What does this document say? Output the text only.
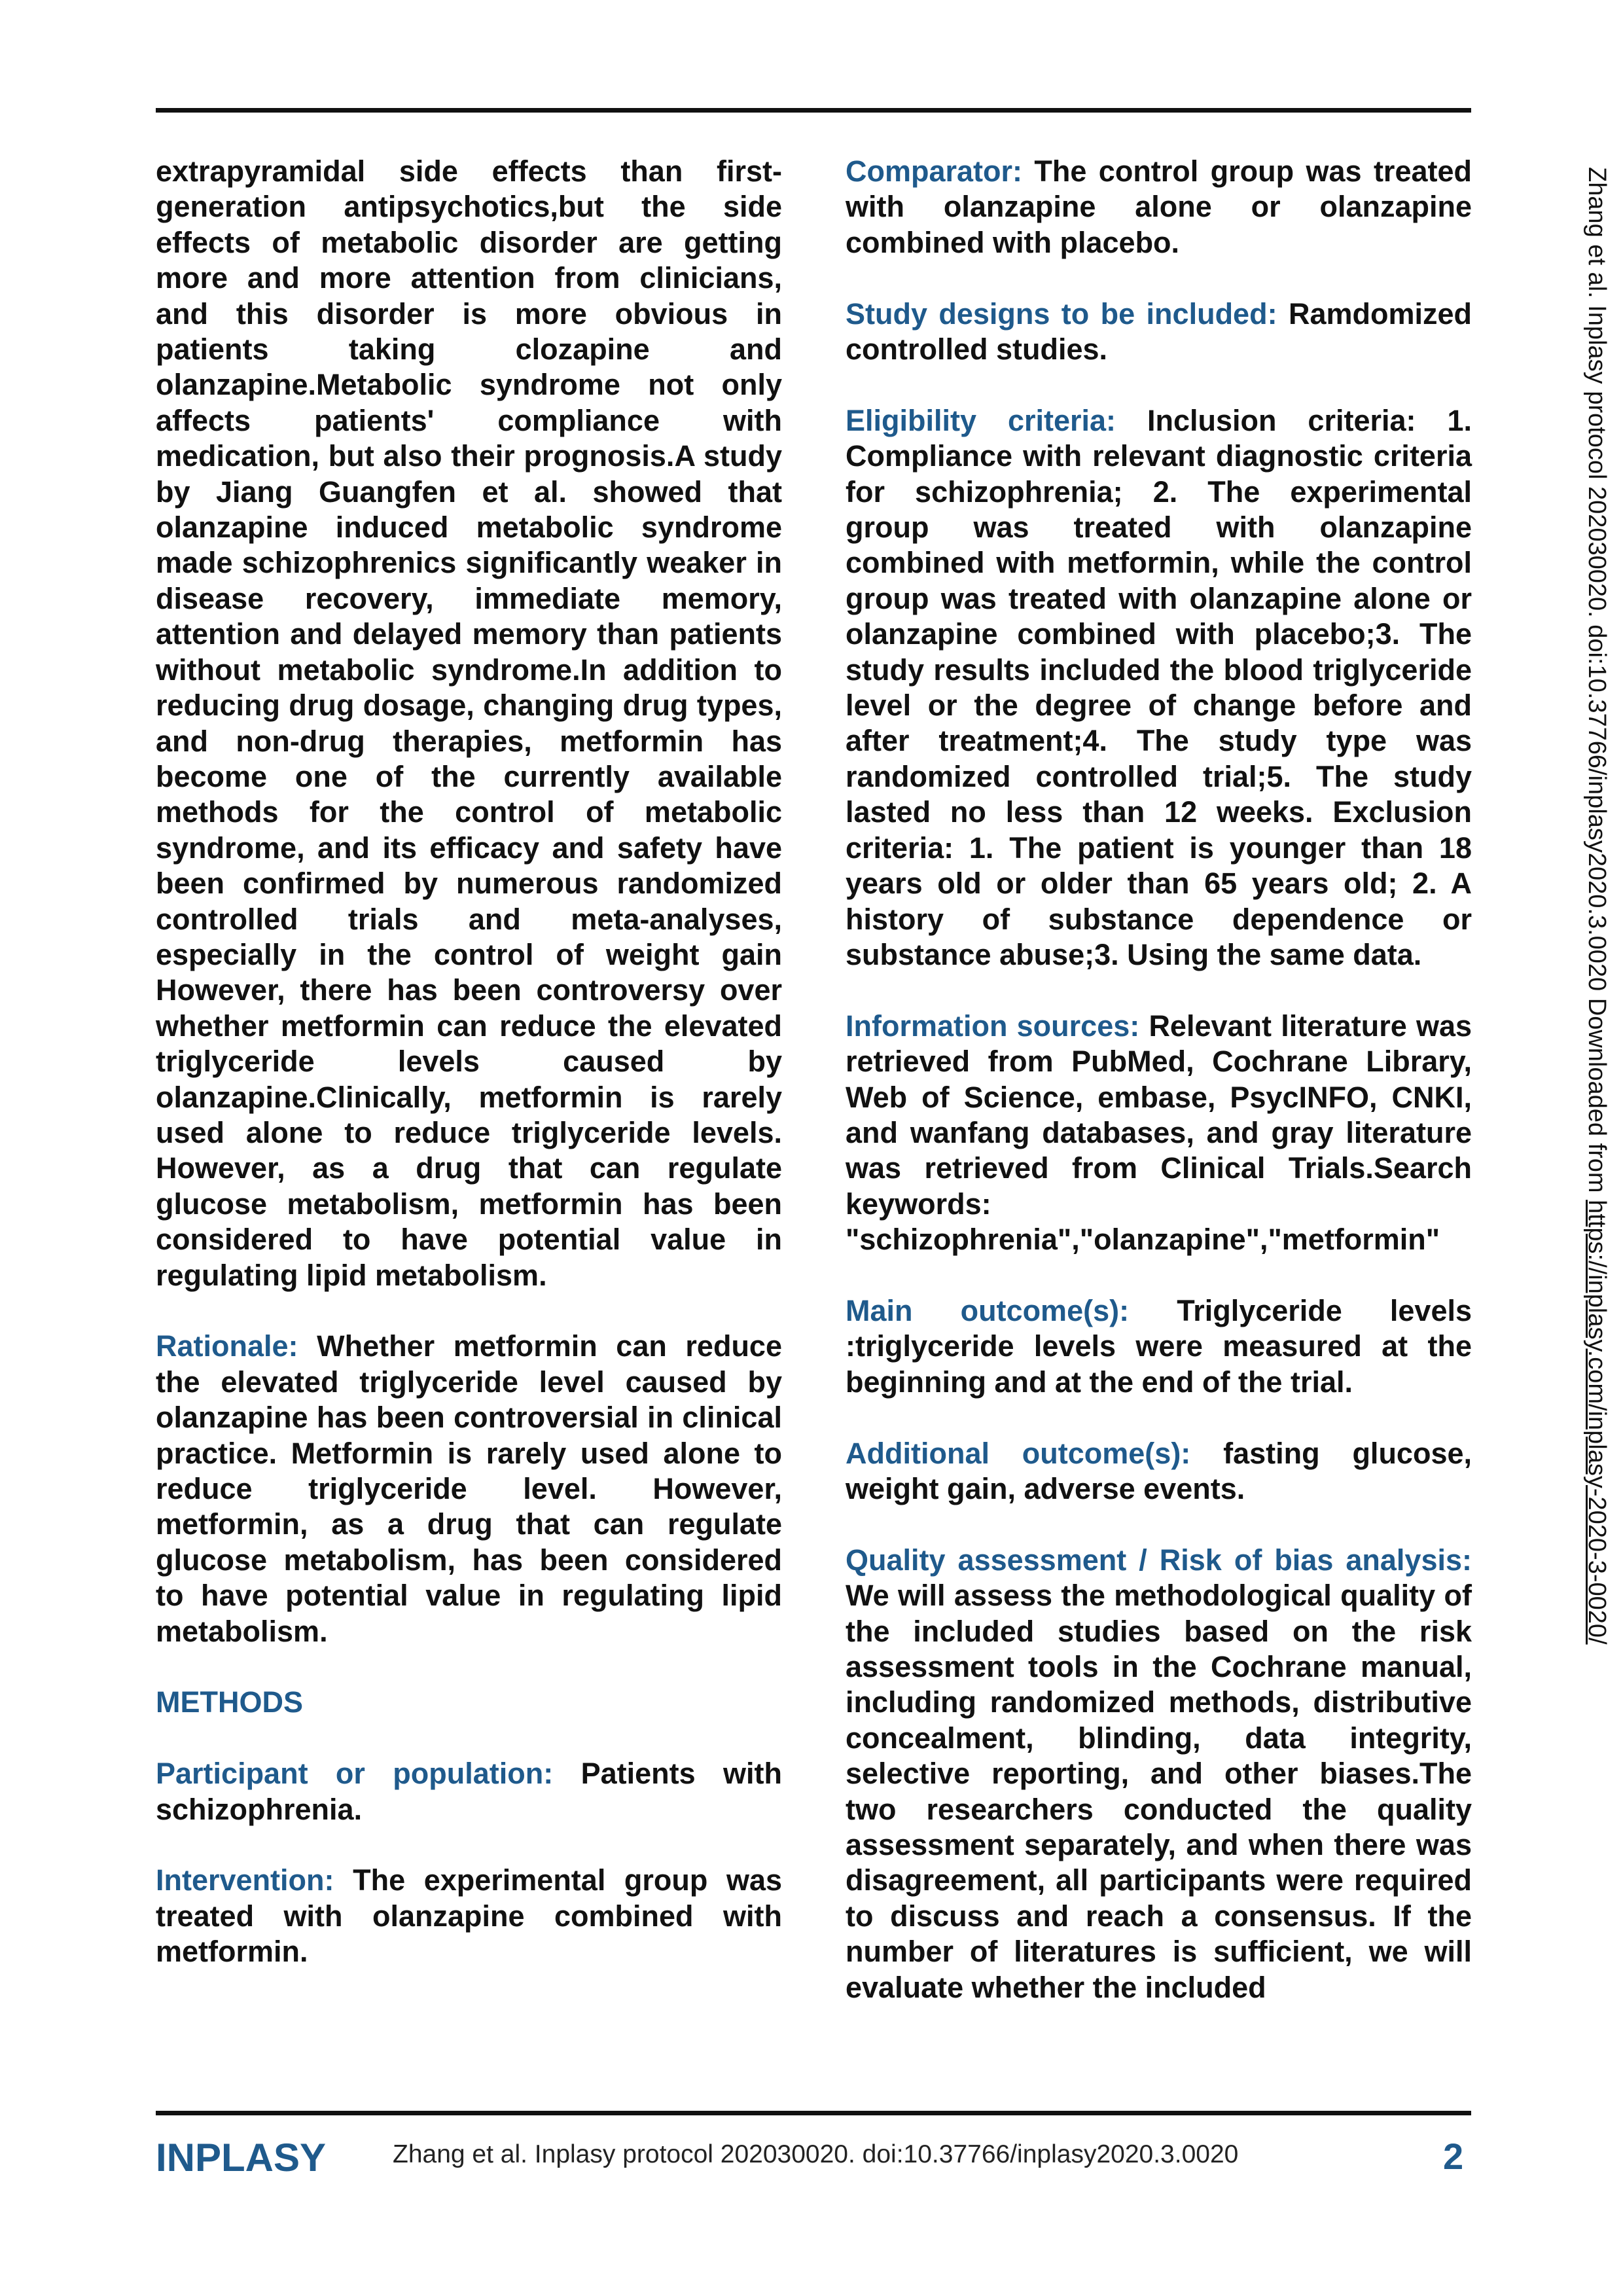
extrapyramidal side effects than first-generation antipsychotics,but the side effects of metabolic disorder are getting more and more attention from clinicians, and this disorder is more obvious in patients taking clozapine and olanzapine.Metabolic syndrome not only affects patients' compliance with medication, but also their prognosis.A study by Jiang Guangfen et al. showed that olanzapine induced metabolic syndrome made schizophrenics significantly weaker in disease recovery, immediate memory, attention and delayed memory than patients without metabolic syndrome.In addition to reducing drug dosage, changing drug types, and non-drug therapies, metformin has become one of the currently available methods for the control of metabolic syndrome, and its efficacy and safety have been confirmed by numerous randomized controlled trials and meta-analyses, especially in the control of weight gain However, there has been controversy over whether metformin can reduce the elevated triglyceride levels caused by olanzapine.Clinically, metformin is rarely used alone to reduce triglyceride levels. However, as a drug that can regulate glucose metabolism, metformin has been considered to have potential value in regulating lipid metabolism.

Rationale: Whether metformin can reduce the elevated triglyceride level caused by olanzapine has been controversial in clinical practice. Metformin is rarely used alone to reduce triglyceride level. However, metformin, as a drug that can regulate glucose metabolism, has been considered to have potential value in regulating lipid metabolism.

METHODS

Participant or population: Patients with schizophrenia.

Intervention: The experimental group was treated with olanzapine combined with metformin.

Comparator: The control group was treated with olanzapine alone or olanzapine combined with placebo.

Study designs to be included: Ramdomized controlled studies.

Eligibility criteria: Inclusion criteria: 1. Compliance with relevant diagnostic criteria for schizophrenia; 2. The experimental group was treated with olanzapine combined with metformin, while the control group was treated with olanzapine alone or olanzapine combined with placebo;3. The study results included the blood triglyceride level or the degree of change before and after treatment;4. The study type was randomized controlled trial;5. The study lasted no less than 12 weeks. Exclusion criteria: 1. The patient is younger than 18 years old or older than 65 years old; 2. A history of substance dependence or substance abuse;3. Using the same data.

Information sources: Relevant literature was retrieved from PubMed, Cochrane Library, Web of Science, embase, PsycINFO, CNKI, and wanfang databases, and gray literature was retrieved from Clinical Trials.Search keywords: "schizophrenia","olanzapine","metformin"

Main outcome(s): Triglyceride levels :triglyceride levels were measured at the beginning and at the end of the trial.

Additional outcome(s): fasting glucose, weight gain, adverse events.

Quality assessment / Risk of bias analysis: We will assess the methodological quality of the included studies based on the risk assessment tools in the Cochrane manual, including randomized methods, distributive concealment, blinding, data integrity, selective reporting, and other biases.The two researchers conducted the quality assessment separately, and when there was disagreement, all participants were required to discuss and reach a consensus. If the number of literatures is sufficient, we will evaluate whether the included

Zhang et al. Inplasy protocol 202030020. doi:10.37766/inplasy2020.3.0020 Downloaded from https://inplasy.com/inplasy-2020-3-0020/
INPLASY	Zhang et al. Inplasy protocol 202030020. doi:10.37766/inplasy2020.3.0020	2
